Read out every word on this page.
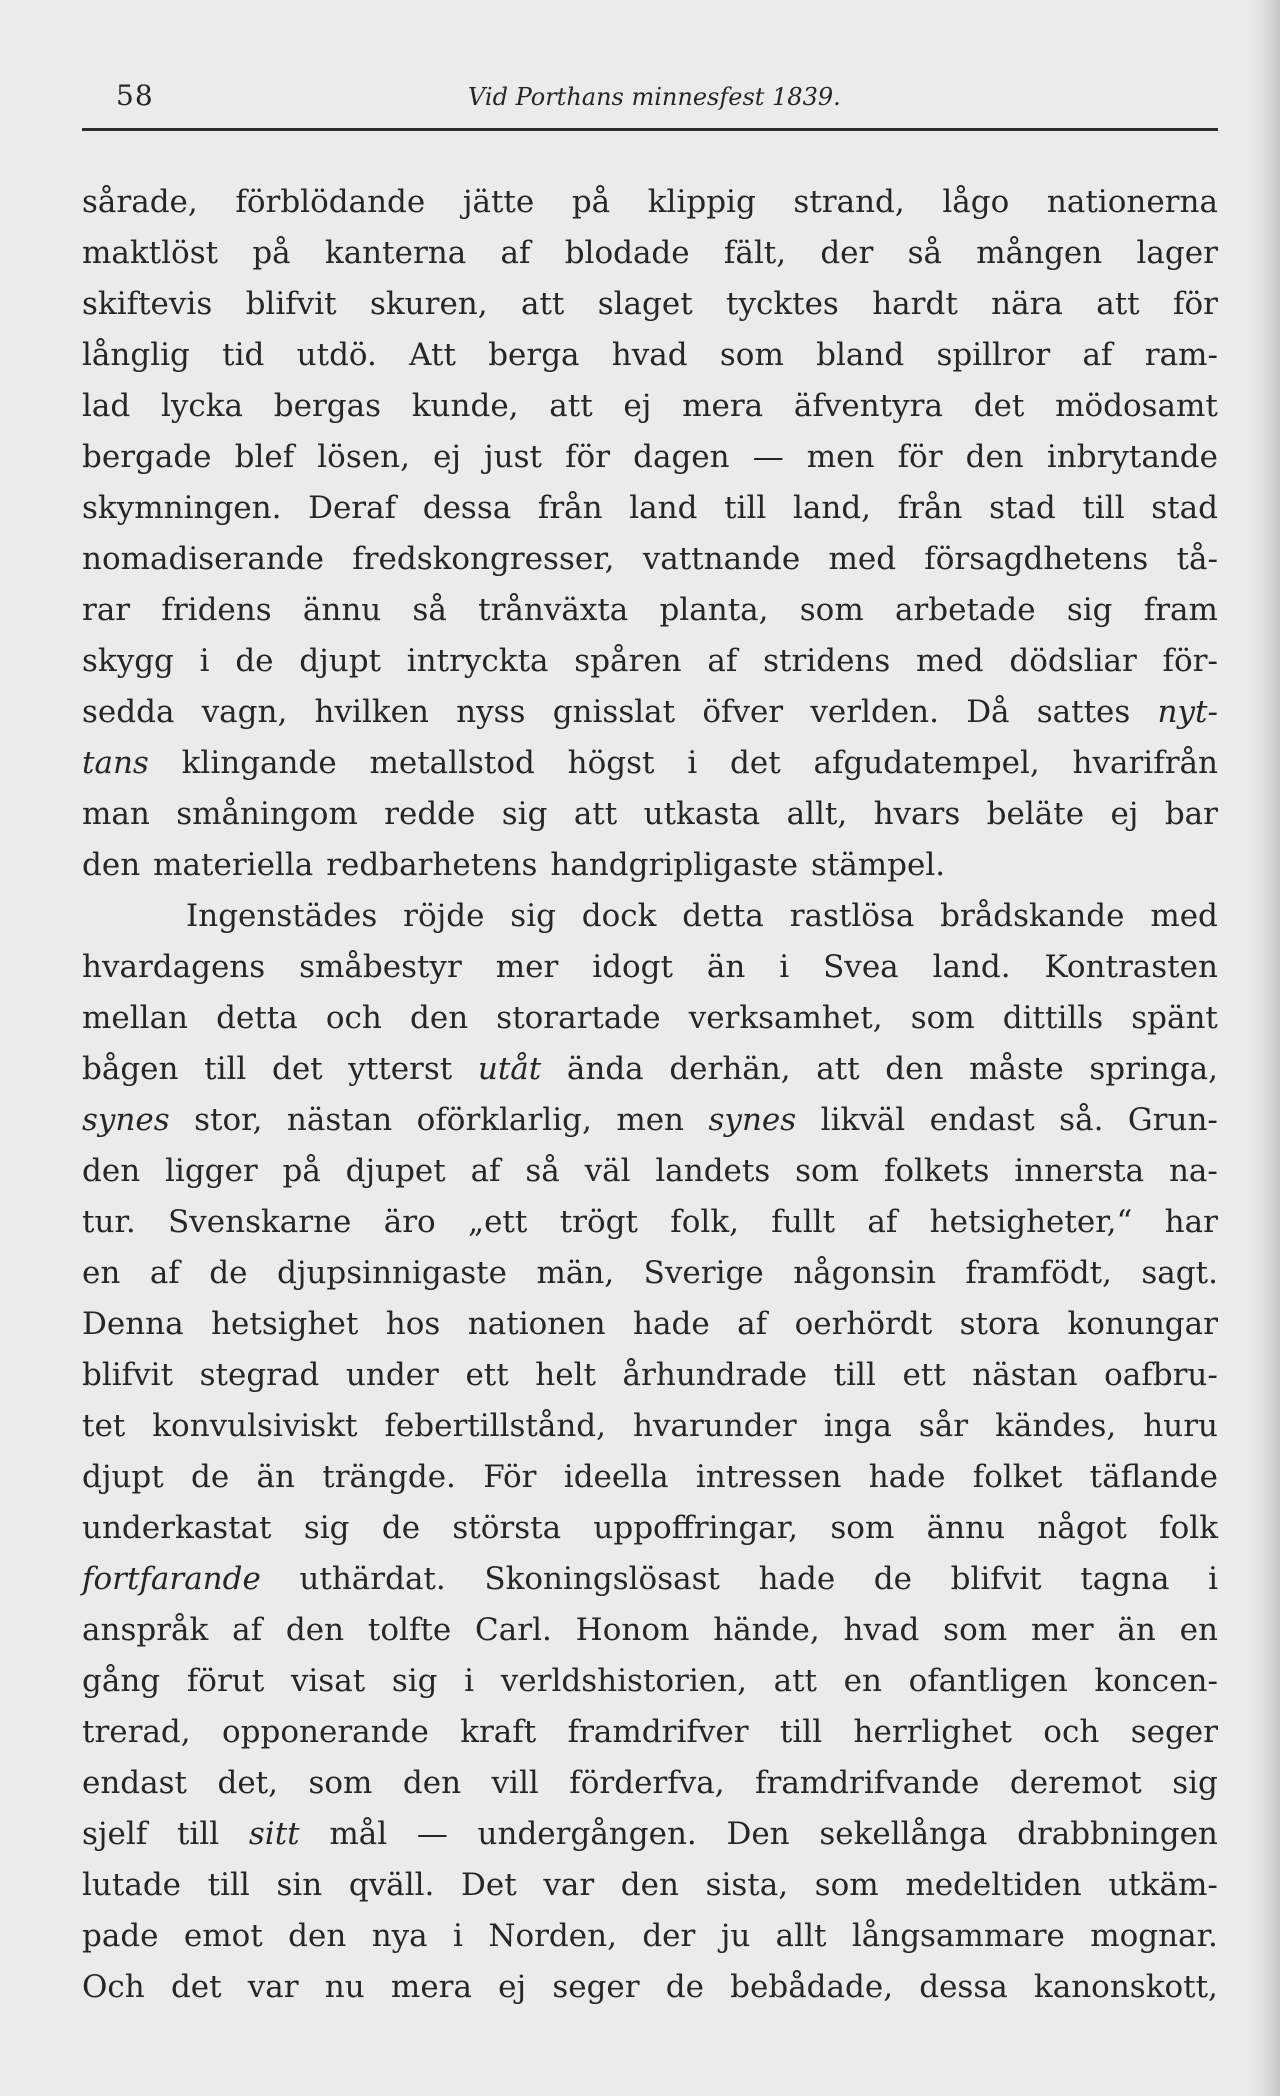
58	Vid Porthans minnesfest 1839.
sårade, förblödande jätte på klippig strand, lågo nationerna
maktlöst på kanterna af blodade fält, der så mången lager
skiftevis blifvit skuren, att slaget tycktes hardt nära att för
långlig tid utdö. Att berga hvad som bland spillror af ram-
lad lycka bergas kunde, att ej mera äfventyra det mödosamt
bergade blef lösen, ej just för dagen — men för den inbrytande
skymningen. Deraf dessa från land till land, från stad till stad
nomadiserande fredskongresser, vattnande med försagdhetens tå-
rar fridens ännu så trånväxta planta, som arbetade sig fram
skygg i de djupt intryckta spåren af stridens med dödsliar för-
sedda vagn, hvilken nyss gnisslat öfver verlden. Då sattes nyt-
tans klingande metallstod högst i det afgudatempel, hvarifrån
man småningom redde sig att utkasta allt, hvars beläte ej bar
den materiella redbarhetens handgripligaste stämpel.
Ingenstädes röjde sig dock detta rastlösa brådskande med
hvardagens småbestyr mer idogt än i Svea land. Kontrasten
mellan detta och den storartade verksamhet, som dittills spänt
bågen till det ytterst utåt ända derhän, att den måste springa,
synes stor, nästan oförklarlig, men synes likväl endast så. Grun-
den ligger på djupet af så väl landets som folkets innersta na-
tur. Svenskarne äro „ett trögt folk, fullt af hetsigheter,“ har
en af de djupsinnigaste män, Sverige någonsin framfödt, sagt.
Denna hetsighet hos nationen hade af oerhördt stora konungar
blifvit stegrad under ett helt århundrade till ett nästan oafbru-
tet konvulsiviskt febertillstånd, hvarunder inga sår kändes, huru
djupt de än trängde. För ideella intressen hade folket täflande
underkastat sig de största uppoffringar, som ännu något folk
fortfarande uthärdat. Skoningslösast hade de blifvit tagna i
anspråk af den tolfte Carl. Honom hände, hvad som mer än en
gång förut visat sig i verldshistorien, att en ofantligen koncen-
trerad, opponerande kraft framdrifver till herrlighet och seger
endast det, som den vill förderfva, framdrifvande deremot sig
sjelf till sitt mål — undergången. Den sekellånga drabbningen
lutade till sin qväll. Det var den sista, som medeltiden utkäm-
pade emot den nya i Norden, der ju allt långsammare mognar.
Och det var nu mera ej seger de bebådade, dessa kanonskott,
